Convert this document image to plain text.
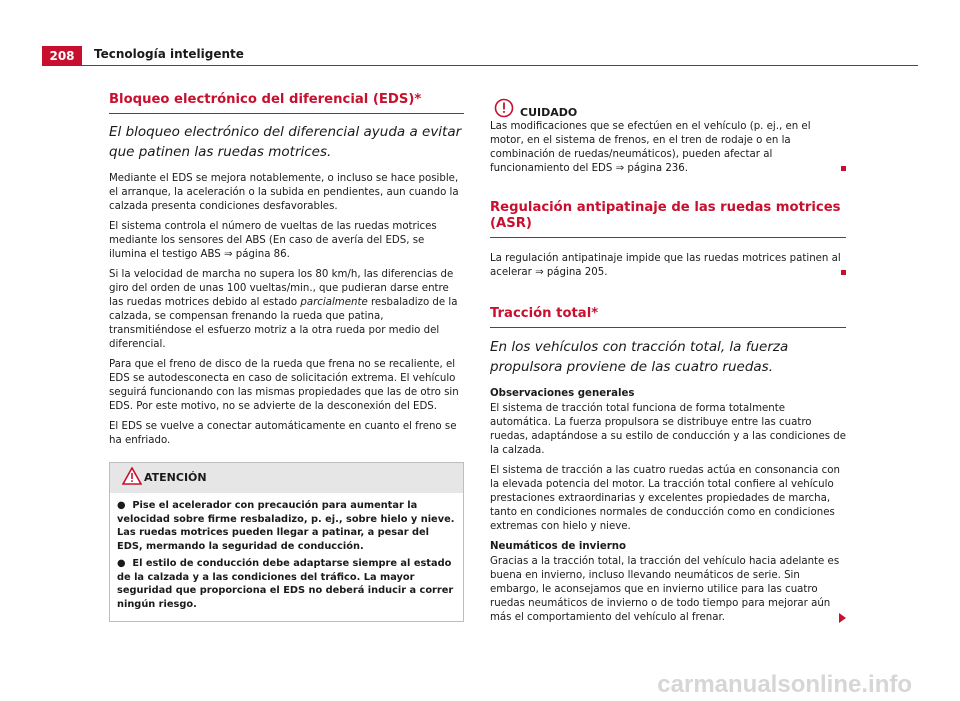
208	Tecnología inteligente
Bloqueo electrónico del diferencial (EDS)*
El bloqueo electrónico del diferencial ayuda a evitar que patinen las ruedas motrices.

Mediante el EDS se mejora notablemente, o incluso se hace posible, el arranque, la aceleración o la subida en pendientes, aun cuando la calzada presenta condiciones desfavorables.

El sistema controla el número de vueltas de las ruedas motrices mediante los sensores del ABS (En caso de avería del EDS, se ilumina el testigo ABS ⇒ página 86.

Si la velocidad de marcha no supera los 80 km/h, las diferencias de giro del orden de unas 100 vueltas/min., que pudieran darse entre las ruedas motrices debido al estado parcialmente resbaladizo de la calzada, se compensan frenando la rueda que patina, transmitiéndose el esfuerzo motriz a la otra rueda por medio del diferencial.

Para que el freno de disco de la rueda que frena no se recaliente, el EDS se autodesconecta en caso de solicitación extrema. El vehículo seguirá funcionando con las mismas propiedades que las de otro sin EDS. Por este motivo, no se advierte de la desconexión del EDS.

El EDS se vuelve a conectar automáticamente en cuanto el freno se ha enfriado.

ATENCIÓN

●  Pise el acelerador con precaución para aumentar la velocidad sobre firme resbaladizo, p. ej., sobre hielo y nieve. Las ruedas motrices pueden llegar a patinar, a pesar del EDS, mermando la seguridad de conducción.

●  El estilo de conducción debe adaptarse siempre al estado de la calzada y a las condiciones del tráfico. La mayor seguridad que proporciona el EDS no deberá inducir a correr ningún riesgo.

CUIDADO

Las modificaciones que se efectúen en el vehículo (p. ej., en el motor, en el sistema de frenos, en el tren de rodaje o en la combinación de ruedas/neumáticos), pueden afectar al funcionamiento del EDS ⇒ página 236.

Regulación antipatinaje de las ruedas motrices (ASR)

La regulación antipatinaje impide que las ruedas motrices patinen al acelerar ⇒ página 205.

Tracción total*
En los vehículos con tracción total, la fuerza propulsora proviene de las cuatro ruedas.
Observaciones generales

El sistema de tracción total funciona de forma totalmente automática. La fuerza propulsora se distribuye entre las cuatro ruedas, adaptándose a su estilo de conducción y a las condiciones de la calzada.

El sistema de tracción a las cuatro ruedas actúa en consonancia con la elevada potencia del motor. La tracción total confiere al vehículo prestaciones extraordinarias y excelentes propiedades de marcha, tanto en condiciones normales de conducción como en condiciones extremas con hielo y nieve.

Neumáticos de invierno

Gracias a la tracción total, la tracción del vehículo hacia adelante es buena en invierno, incluso llevando neumáticos de serie. Sin embargo, le aconsejamos que en invierno utilice para las cuatro ruedas neumáticos de invierno o de todo tiempo para mejorar aún más el comportamiento del vehículo al frenar.

carmanualsonline.info
